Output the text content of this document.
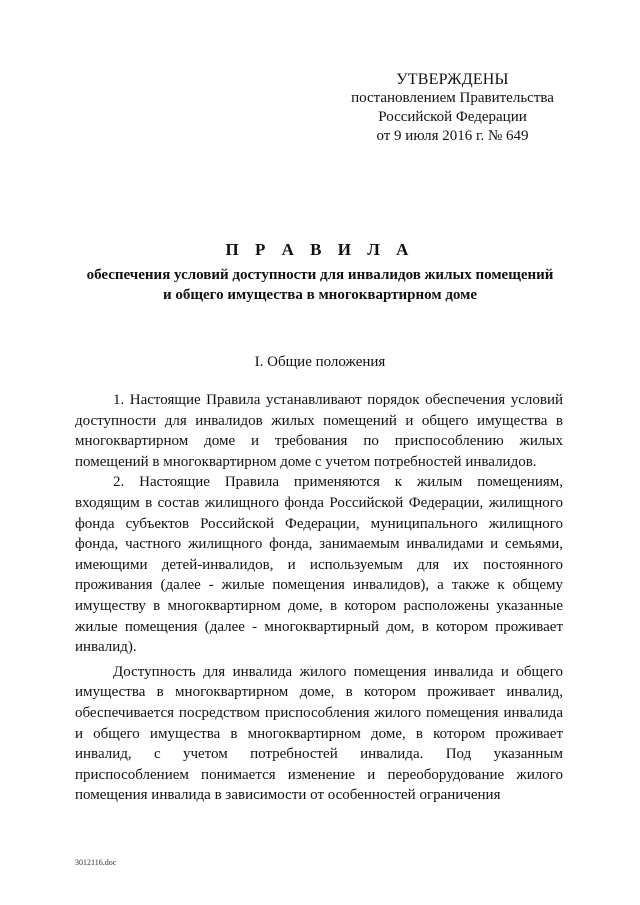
УТВЕРЖДЕНЫ
постановлением Правительства
Российской Федерации
от 9 июля 2016 г. № 649
П Р А В И Л А
обеспечения условий доступности для инвалидов жилых помещений
и общего имущества в многоквартирном доме
I. Общие положения

1. Настоящие Правила устанавливают порядок обеспечения условий доступности для инвалидов жилых помещений и общего имущества в многоквартирном доме и требования по приспособлению жилых помещений в многоквартирном доме с учетом потребностей инвалидов.

2. Настоящие Правила применяются к жилым помещениям, входящим в состав жилищного фонда Российской Федерации, жилищного фонда субъектов Российской Федерации, муниципального жилищного фонда, частного жилищного фонда, занимаемым инвалидами и семьями, имеющими детей-инвалидов, и используемым для их постоянного проживания (далее - жилые помещения инвалидов), а также к общему имуществу в многоквартирном доме, в котором расположены указанные жилые помещения (далее - многоквартирный дом, в котором проживает инвалид).

Доступность для инвалида жилого помещения инвалида и общего имущества в многоквартирном доме, в котором проживает инвалид, обеспечивается посредством приспособления жилого помещения инвалида и общего имущества в многоквартирном доме, в котором проживает инвалид, с учетом потребностей инвалида. Под указанным приспособлением понимается изменение и переоборудование жилого помещения инвалида в зависимости от особенностей ограничения

3012116.doc
